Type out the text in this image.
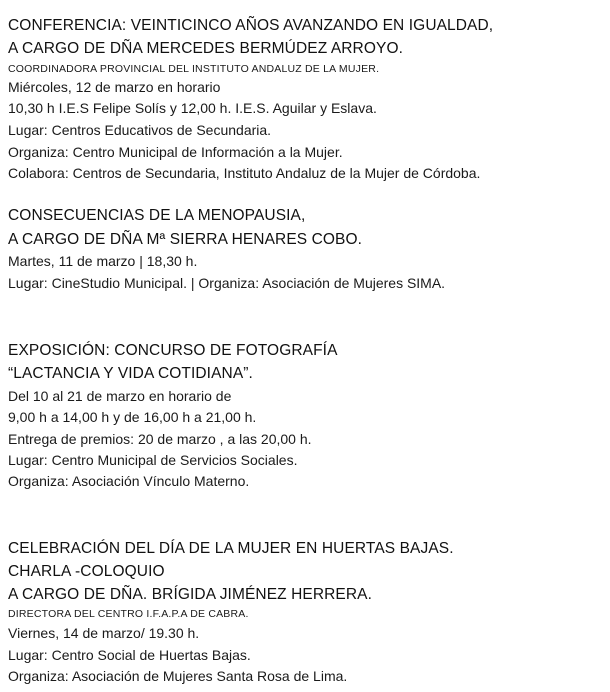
CONFERENCIA: VEINTICINCO AÑOS AVANZANDO EN IGUALDAD,
A CARGO DE DÑA MERCEDES BERMÚDEZ ARROYO.
COORDINADORA PROVINCIAL DEL INSTITUTO ANDALUZ DE LA MUJER.
Miércoles, 12 de marzo en horario
10,30 h I.E.S Felipe Solís y 12,00 h. I.E.S. Aguilar y Eslava.
Lugar: Centros Educativos de Secundaria.
Organiza: Centro Municipal de Información a la Mujer.
Colabora: Centros de Secundaria, Instituto Andaluz de la Mujer de Córdoba.
CONSECUENCIAS DE LA MENOPAUSIA,
A CARGO DE DÑA Mª SIERRA HENARES COBO.
Martes, 11 de marzo | 18,30 h.
Lugar: CineStudio Municipal. | Organiza: Asociación de Mujeres SIMA.
EXPOSICIÓN: CONCURSO DE FOTOGRAFÍA
“LACTANCIA Y VIDA COTIDIANA”.
Del 10 al 21 de marzo en horario de
9,00 h a 14,00 h y de 16,00 h a 21,00 h.
Entrega de premios: 20 de marzo , a las 20,00 h.
Lugar: Centro Municipal de Servicios Sociales.
Organiza: Asociación Vínculo Materno.
CELEBRACIÓN DEL DÍA DE LA MUJER EN HUERTAS BAJAS.
CHARLA -COLOQUIO
A CARGO DE DÑA. BRÍGIDA JIMÉNEZ HERRERA.
DIRECTORA DEL CENTRO I.F.A.P.A DE CABRA.
Viernes, 14 de marzo/ 19.30 h.
Lugar: Centro Social de Huertas Bajas.
Organiza: Asociación de Mujeres Santa Rosa de Lima.
